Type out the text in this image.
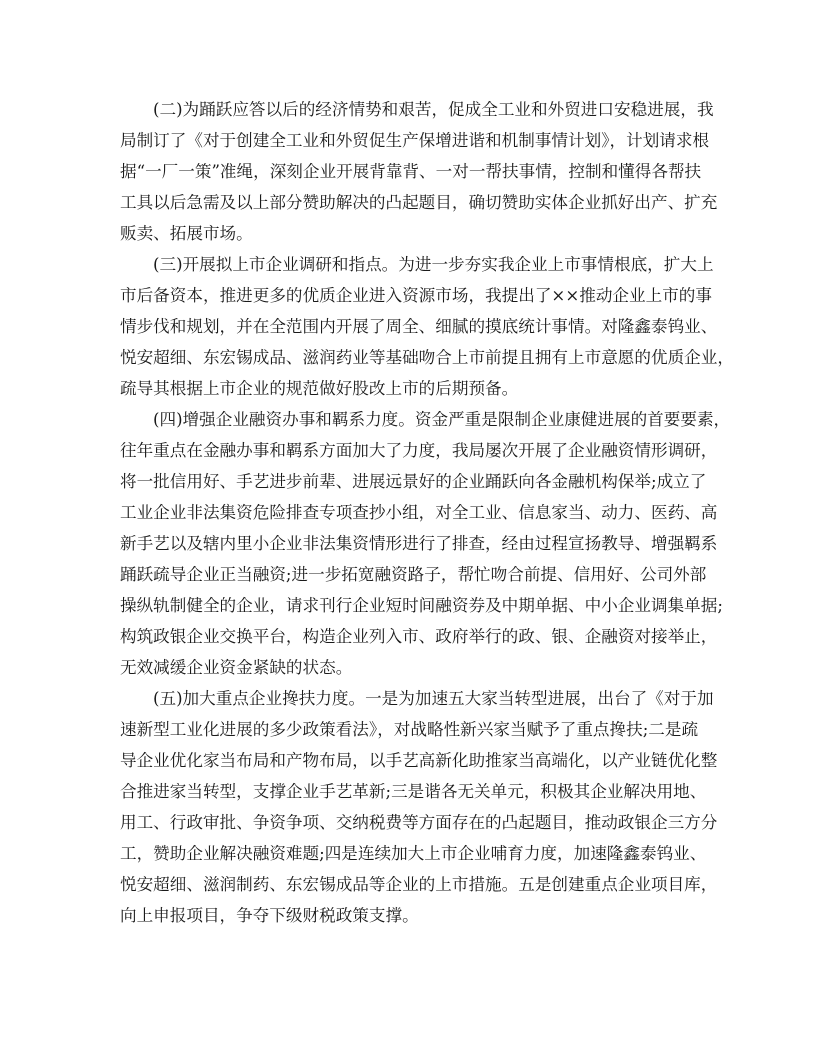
(二)为踊跃应答以后的经济情势和艰苦，促成全工业和外贸进口安稳进展，我
局制订了《对于创建全工业和外贸促生产保增进谐和机制事情计划》，计划请求根
据“一厂一策”准绳，深刻企业开展背靠背、一对一帮扶事情，控制和懂得各帮扶
工具以后急需及以上部分赞助解决的凸起题目，确切赞助实体企业抓好出产、扩充
贩卖、拓展市场。
(三)开展拟上市企业调研和指点。为进一步夯实我企业上市事情根底，扩大上
市后备资本，推进更多的优质企业进入资源市场，我提出了××推动企业上市的事
情步伐和规划，并在全范围内开展了周全、细腻的摸底统计事情。对隆鑫泰钨业、
悦安超细、东宏锡成品、滋润药业等基础吻合上市前提且拥有上市意愿的优质企业，
疏导其根据上市企业的规范做好股改上市的后期预备。
(四)增强企业融资办事和羁系力度。资金严重是限制企业康健进展的首要要素，
往年重点在金融办事和羁系方面加大了力度，我局屡次开展了企业融资情形调研，
将一批信用好、手艺进步前辈、进展远景好的企业踊跃向各金融机构保举;成立了
工业企业非法集资危险排查专项查抄小组，对全工业、信息家当、动力、医药、高
新手艺以及辖内里小企业非法集资情形进行了排查，经由过程宣扬教导、增强羁系
踊跃疏导企业正当融资;进一步拓宽融资路子，帮忙吻合前提、信用好、公司外部
操纵轨制健全的企业，请求刊行企业短时间融资券及中期单据、中小企业调集单据;
构筑政银企业交换平台，构造企业列入市、政府举行的政、银、企融资对接举止，
无效减缓企业资金紧缺的状态。
(五)加大重点企业搀扶力度。一是为加速五大家当转型进展，出台了《对于加
速新型工业化进展的多少政策看法》，对战略性新兴家当赋予了重点搀扶;二是疏
导企业优化家当布局和产物布局，以手艺高新化助推家当高端化，以产业链优化整
合推进家当转型，支撑企业手艺革新;三是谐各无关单元，积极其企业解决用地、
用工、行政审批、争资争项、交纳税费等方面存在的凸起题目，推动政银企三方分
工，赞助企业解决融资难题;四是连续加大上市企业哺育力度，加速隆鑫泰钨业、
悦安超细、滋润制药、东宏锡成品等企业的上市措施。五是创建重点企业项目库，
向上申报项目，争夺下级财税政策支撑。
